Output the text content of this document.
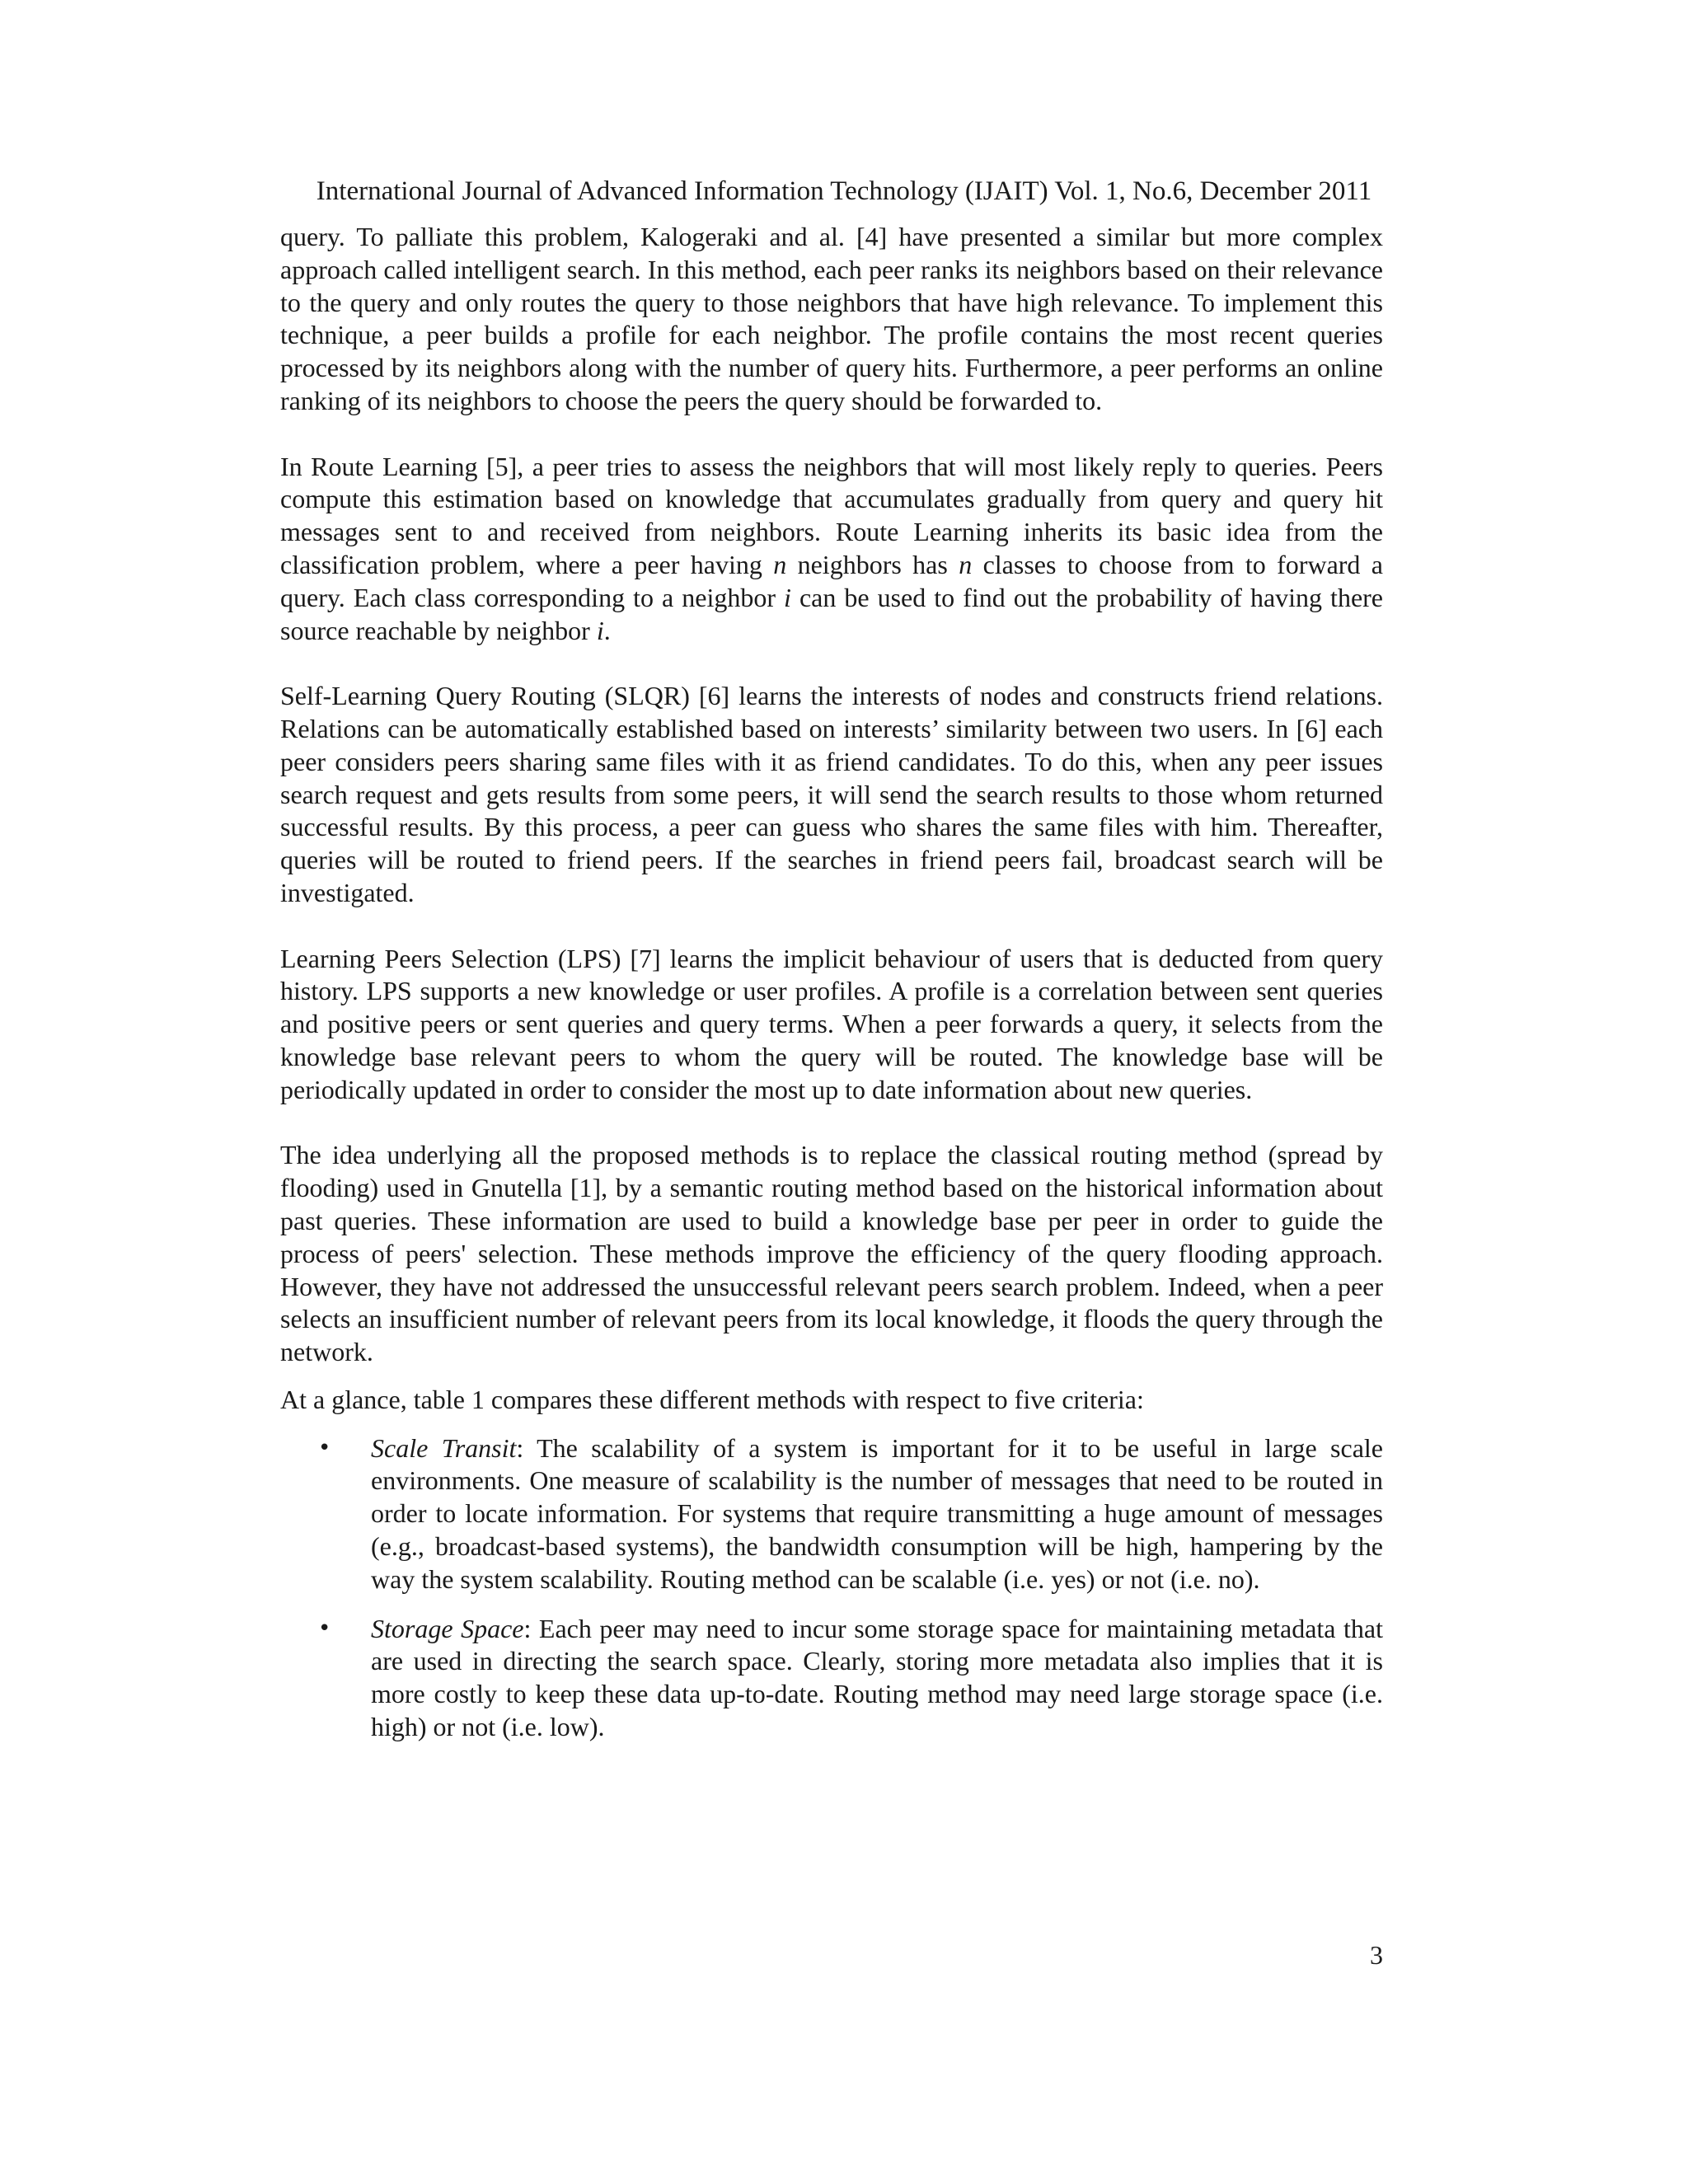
International Journal of Advanced Information Technology (IJAIT) Vol. 1, No.6, December 2011

query. To palliate this problem, Kalogeraki and al. [4] have presented a similar but more complex approach called intelligent search. In this method, each peer ranks its neighbors based on their relevance to the query and only routes the query to those neighbors that have high relevance. To implement this technique, a peer builds a profile for each neighbor. The profile contains the most recent queries processed by its neighbors along with the number of query hits. Furthermore, a peer performs an online ranking of its neighbors to choose the peers the query should be forwarded to.

In Route Learning [5], a peer tries to assess the neighbors that will most likely reply to queries. Peers compute this estimation based on knowledge that accumulates gradually from query and query hit messages sent to and received from neighbors. Route Learning inherits its basic idea from the classification problem, where a peer having n neighbors has n classes to choose from to forward a query. Each class corresponding to a neighbor i can be used to find out the probability of having there source reachable by neighbor i.

Self-Learning Query Routing (SLQR) [6] learns the interests of nodes and constructs friend relations. Relations can be automatically established based on interests’ similarity between two users. In [6] each peer considers peers sharing same files with it as friend candidates. To do this, when any peer issues search request and gets results from some peers, it will send the search results to those whom returned successful results. By this process, a peer can guess who shares the same files with him. Thereafter, queries will be routed to friend peers. If the searches in friend peers fail, broadcast search will be investigated.

Learning Peers Selection (LPS) [7] learns the implicit behaviour of users that is deducted from query history. LPS supports a new knowledge or user profiles. A profile is a correlation between sent queries and positive peers or sent queries and query terms. When a peer forwards a query, it selects from the knowledge base relevant peers to whom the query will be routed. The knowledge base will be periodically updated in order to consider the most up to date information about new queries.

The idea underlying all the proposed methods is to replace the classical routing method (spread by flooding) used in Gnutella [1], by a semantic routing method based on the historical information about past queries. These information are used to build a knowledge base per peer in order to guide the process of peers' selection. These methods improve the efficiency of the query flooding approach. However, they have not addressed the unsuccessful relevant peers search problem. Indeed, when a peer selects an insufficient number of relevant peers from its local knowledge, it floods the query through the network.

At a glance, table 1 compares these different methods with respect to five criteria:

• Scale Transit: The scalability of a system is important for it to be useful in large scale environments. One measure of scalability is the number of messages that need to be routed in order to locate information. For systems that require transmitting a huge amount of messages (e.g., broadcast-based systems), the bandwidth consumption will be high, hampering by the way the system scalability. Routing method can be scalable (i.e. yes) or not (i.e. no).
• Storage Space: Each peer may need to incur some storage space for maintaining metadata that are used in directing the search space. Clearly, storing more metadata also implies that it is more costly to keep these data up-to-date. Routing method may need large storage space (i.e. high) or not (i.e. low).
3
